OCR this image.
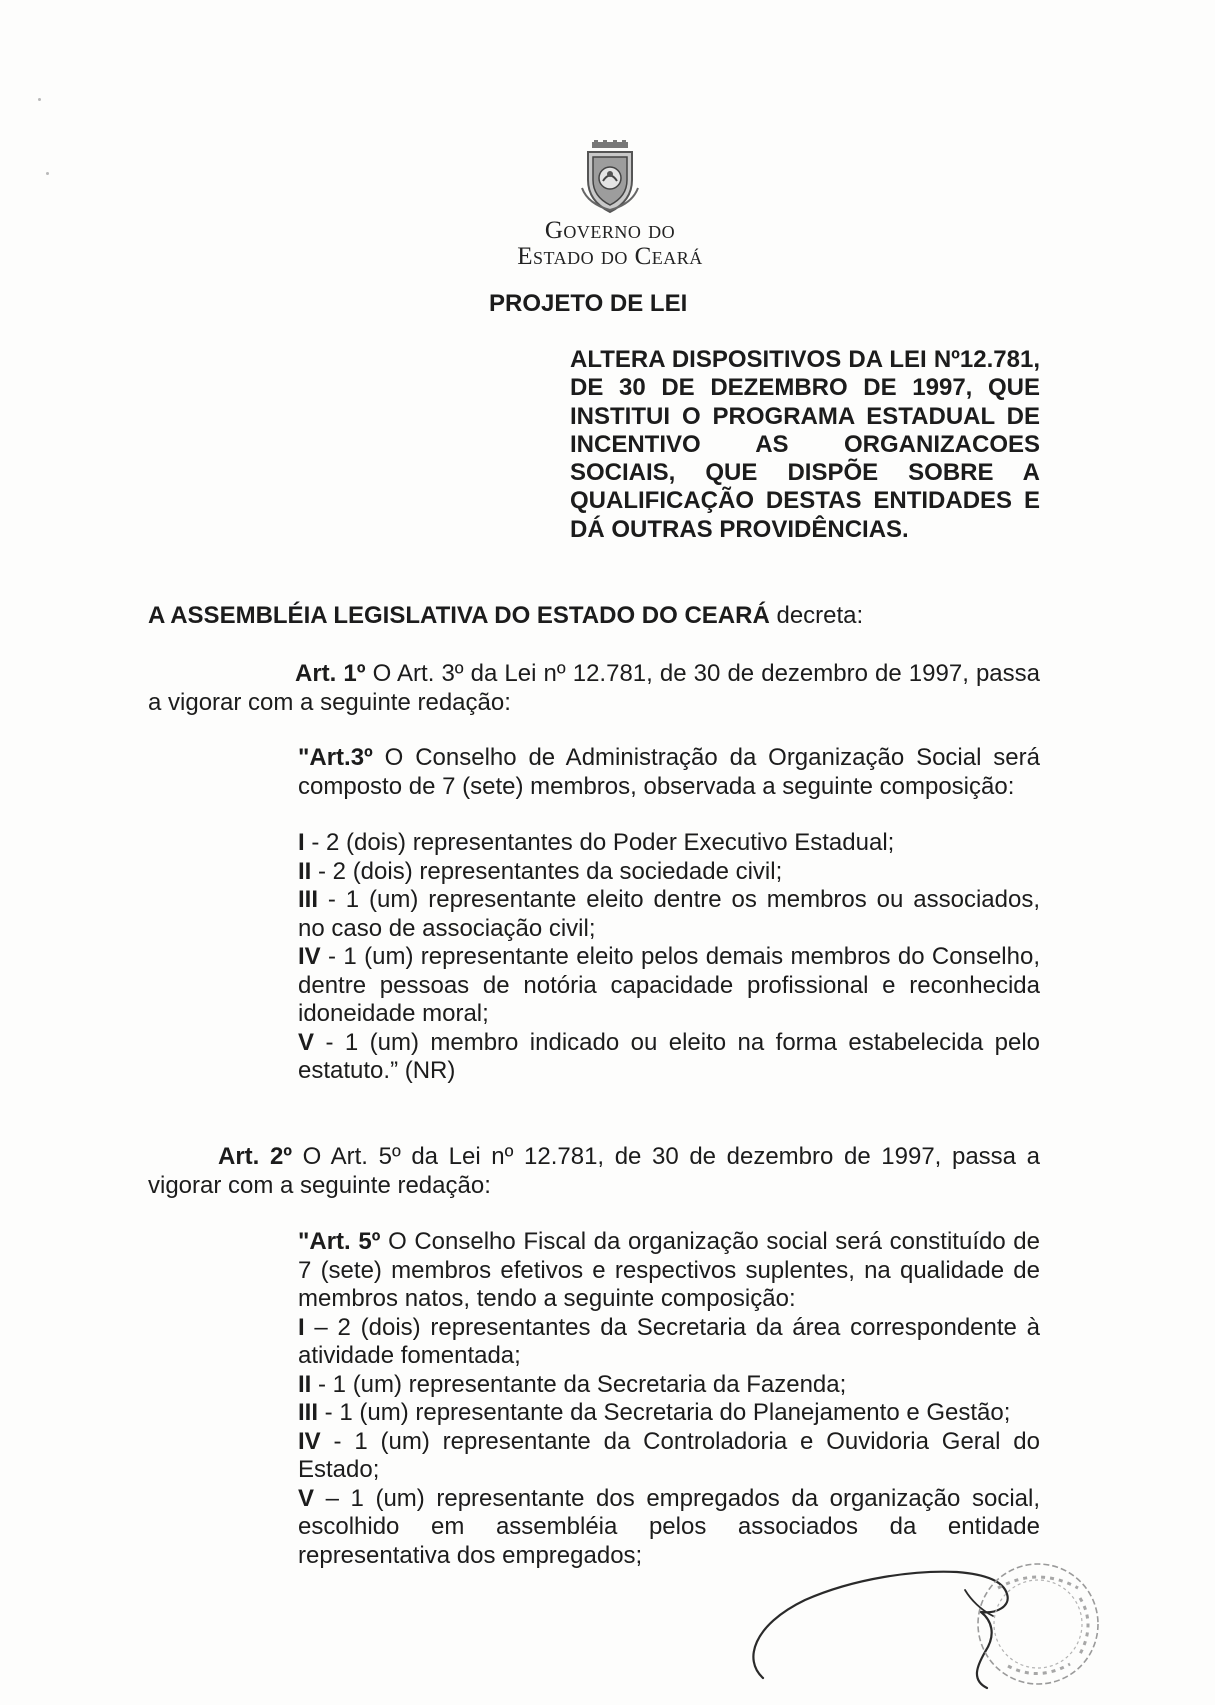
Governo do
Estado do Ceará
PROJETO DE LEI
ALTERA DISPOSITIVOS DA LEI Nº12.781, DE 30 DE DEZEMBRO DE 1997, QUE INSTITUI O PROGRAMA ESTADUAL DE INCENTIVO AS ORGANIZACOES SOCIAIS, QUE DISPÕE SOBRE A QUALIFICAÇÃO DESTAS ENTIDADES E DÁ OUTRAS PROVIDÊNCIAS.
A ASSEMBLÉIA LEGISLATIVA DO ESTADO DO CEARÁ decreta:
Art. 1º O Art. 3º da Lei nº 12.781, de 30 de dezembro de 1997, passa a vigorar com a seguinte redação:
"Art.3º O Conselho de Administração da Organização Social será composto de 7 (sete) membros, observada a seguinte composição:
I - 2 (dois) representantes do Poder Executivo Estadual;
II - 2 (dois) representantes da sociedade civil;
III - 1 (um) representante eleito dentre os membros ou associados, no caso de associação civil;
IV - 1 (um) representante eleito pelos demais membros do Conselho, dentre pessoas de notória capacidade profissional e reconhecida idoneidade moral;
V - 1 (um) membro indicado ou eleito na forma estabelecida pelo estatuto.” (NR)
Art. 2º O Art. 5º da Lei nº 12.781, de 30 de dezembro de 1997, passa a vigorar com a seguinte redação:
"Art. 5º O Conselho Fiscal da organização social será constituído de 7 (sete) membros efetivos e respectivos suplentes, na qualidade de membros natos, tendo a seguinte composição:
I – 2 (dois) representantes da Secretaria da área correspondente à atividade fomentada;
II - 1 (um) representante da Secretaria da Fazenda;
III - 1 (um) representante da Secretaria do Planejamento e Gestão;
IV - 1 (um) representante da Controladoria e Ouvidoria Geral do Estado;
V – 1 (um) representante dos empregados da organização social, escolhido em assembléia pelos associados da entidade representativa dos empregados;
